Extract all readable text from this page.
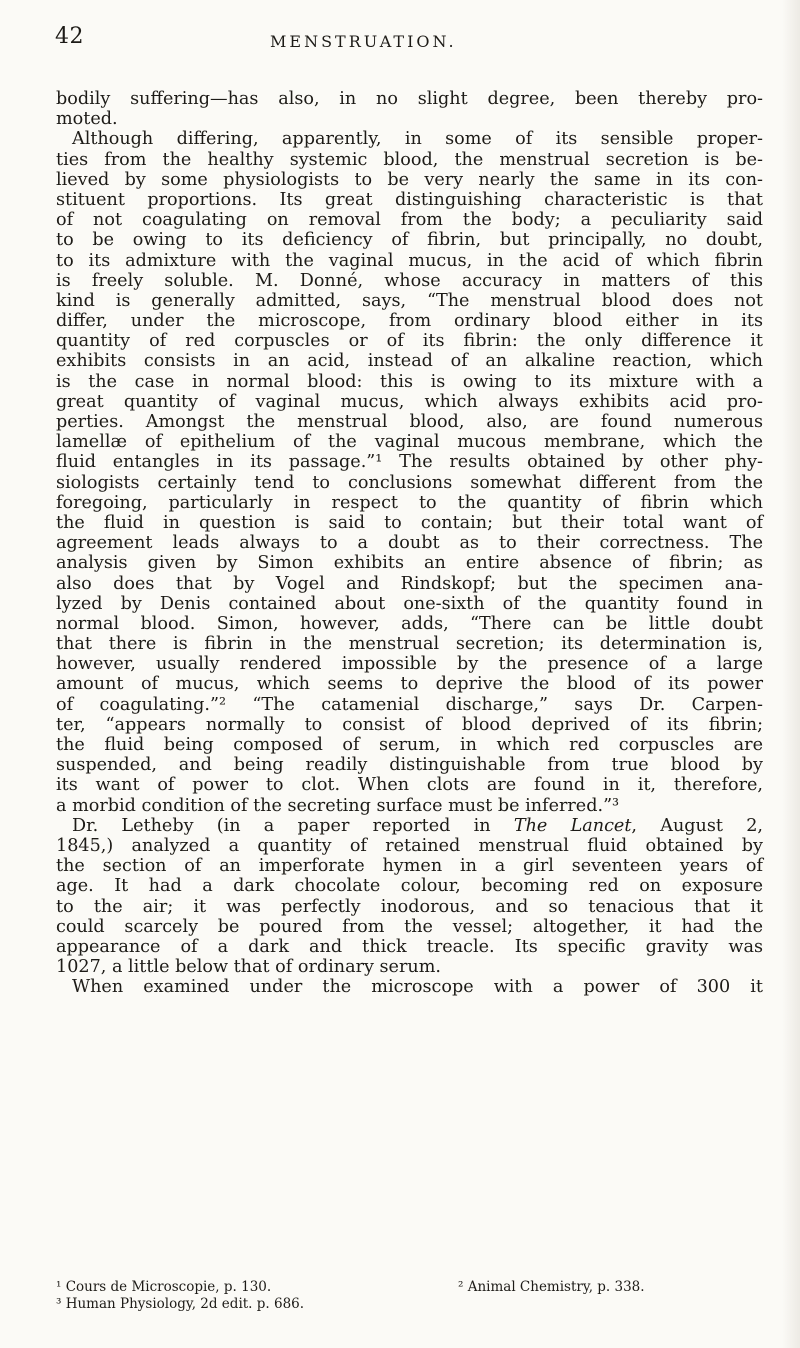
42	MENSTRUATION.
bodily suffering—has also, in no slight degree, been thereby pro-
moted.
Although differing, apparently, in some of its sensible proper-
ties from the healthy systemic blood, the menstrual secretion is be-
lieved by some physiologists to be very nearly the same in its con-
stituent proportions. Its great distinguishing characteristic is that
of not coagulating on removal from the body; a peculiarity said
to be owing to its deficiency of fibrin, but principally, no doubt,
to its admixture with the vaginal mucus, in the acid of which fibrin
is freely soluble. M. Donné, whose accuracy in matters of this
kind is generally admitted, says, “The menstrual blood does not
differ, under the microscope, from ordinary blood either in its
quantity of red corpuscles or of its fibrin: the only difference it
exhibits consists in an acid, instead of an alkaline reaction, which
is the case in normal blood: this is owing to its mixture with a
great quantity of vaginal mucus, which always exhibits acid pro-
perties. Amongst the menstrual blood, also, are found numerous
lamellæ of epithelium of the vaginal mucous membrane, which the
fluid entangles in its passage.”¹ The results obtained by other phy-
siologists certainly tend to conclusions somewhat different from the
foregoing, particularly in respect to the quantity of fibrin which
the fluid in question is said to contain; but their total want of
agreement leads always to a doubt as to their correctness. The
analysis given by Simon exhibits an entire absence of fibrin; as
also does that by Vogel and Rindskopf; but the specimen ana-
lyzed by Denis contained about one-sixth of the quantity found in
normal blood. Simon, however, adds, “There can be little doubt
that there is fibrin in the menstrual secretion; its determination is,
however, usually rendered impossible by the presence of a large
amount of mucus, which seems to deprive the blood of its power
of coagulating.”² “The catamenial discharge,” says Dr. Carpen-
ter, “appears normally to consist of blood deprived of its fibrin;
the fluid being composed of serum, in which red corpuscles are
suspended, and being readily distinguishable from true blood by
its want of power to clot. When clots are found in it, therefore,
a morbid condition of the secreting surface must be inferred.”³
Dr. Letheby (in a paper reported in The Lancet, August 2,
1845,) analyzed a quantity of retained menstrual fluid obtained by
the section of an imperforate hymen in a girl seventeen years of
age. It had a dark chocolate colour, becoming red on exposure
to the air; it was perfectly inodorous, and so tenacious that it
could scarcely be poured from the vessel; altogether, it had the
appearance of a dark and thick treacle. Its specific gravity was
1027, a little below that of ordinary serum.
When examined under the microscope with a power of 300 it
¹ Cours de Microscopie, p. 130.	² Animal Chemistry, p. 338.
³ Human Physiology, 2d edit. p. 686.
